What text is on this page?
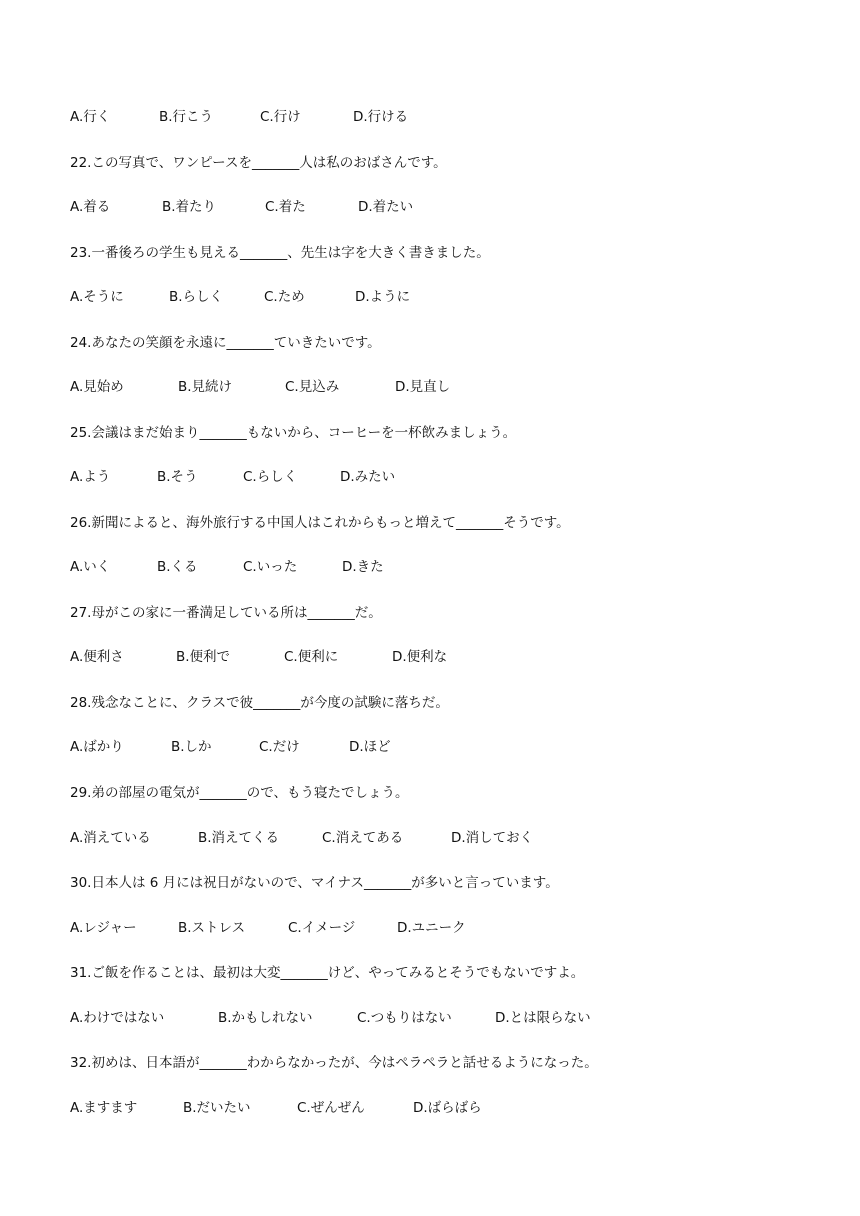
A.行く	B.行こう	C.行け	D.行ける
22.この写真で、ワンピースを_______人は私のおばさんです。
A.着る	B.着たり	C.着た	D.着たい
23.一番後ろの学生も見える_______、先生は字を大きく書きました。
A.そうに	B.らしく	C.ため	D.ように
24.あなたの笑顔を永遠に_______ていきたいです。
A.見始め	B.見続け	C.見込み	D.見直し
25.会議はまだ始まり_______もないから、コーヒーを一杯飲みましょう。
A.よう	B.そう	C.らしく	D.みたい
26.新聞によると、海外旅行する中国人はこれからもっと増えて_______そうです。
A.いく	B.くる	C.いった	D.きた
27.母がこの家に一番満足している所は_______だ。
A.便利さ	B.便利で	C.便利に	D.便利な
28.残念なことに、クラスで彼_______が今度の試験に落ちだ。
A.ばかり	B.しか	C.だけ	D.ほど
29.弟の部屋の電気が_______ので、もう寝たでしょう。
A.消えている	B.消えてくる	C.消えてある	D.消しておく
30.日本人は 6 月には祝日がないので、マイナス_______が多いと言っています。
A.レジャー	B.ストレス	C.イメージ	D.ユニーク
31.ご飯を作ることは、最初は大変_______けど、やってみるとそうでもないですよ。
A.わけではない	B.かもしれない	C.つもりはない	D.とは限らない
32.初めは、日本語が_______わからなかったが、今はペラペラと話せるようになった。
A.ますます	B.だいたい	C.ぜんぜん	D.ばらばら
